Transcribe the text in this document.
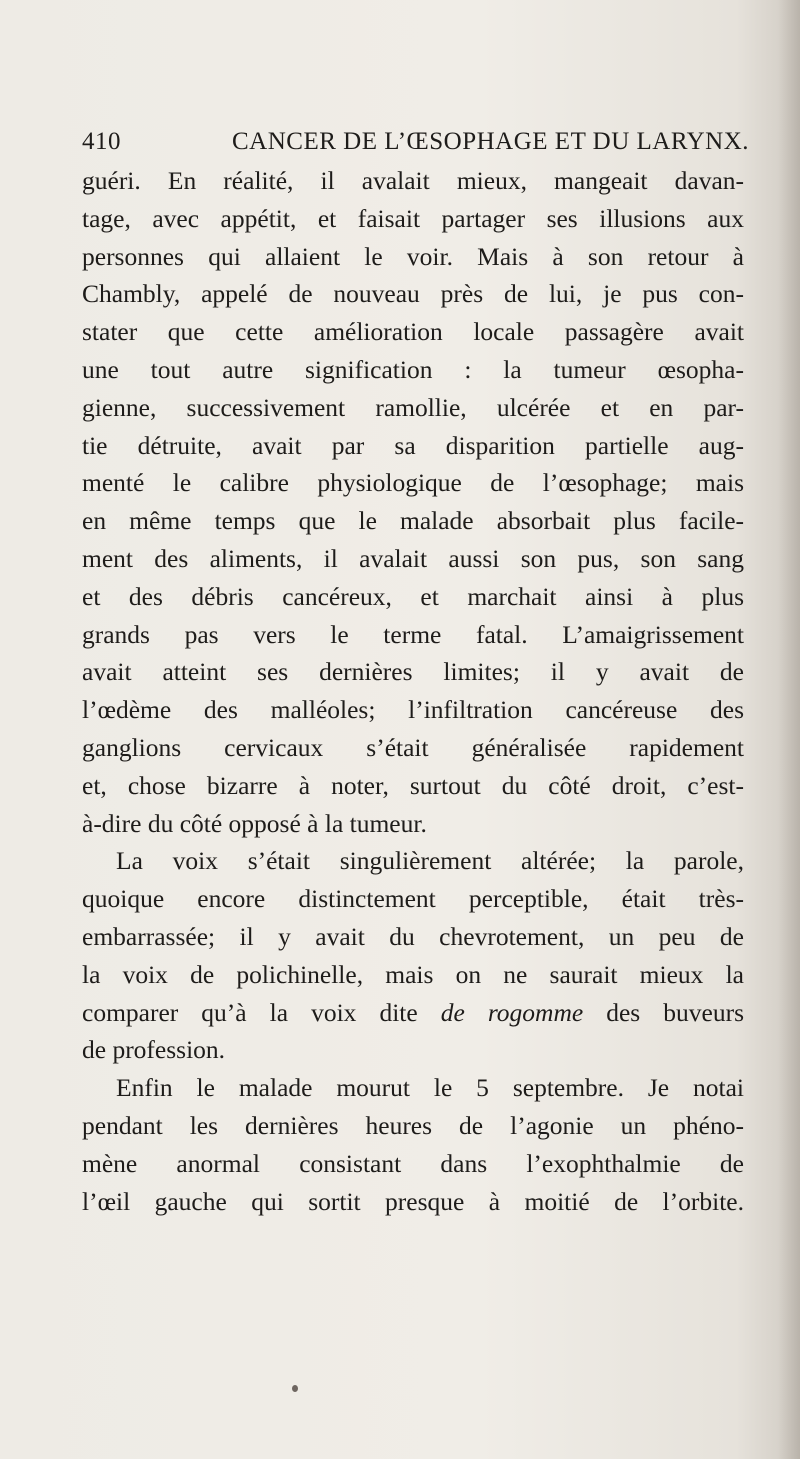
410	CANCER DE L’ŒSOPHAGE ET DU LARYNX.
guéri. En réalité, il avalait mieux, mangeait davan-
tage, avec appétit, et faisait partager ses illusions aux
personnes qui allaient le voir. Mais à son retour à
Chambly, appelé de nouveau près de lui, je pus con-
stater que cette amélioration locale passagère avait
une tout autre signification : la tumeur œsopha-
gienne, successivement ramollie, ulcérée et en par-
tie détruite, avait par sa disparition partielle aug-
menté le calibre physiologique de l’œsophage; mais
en même temps que le malade absorbait plus facile-
ment des aliments, il avalait aussi son pus, son sang
et des débris cancéreux, et marchait ainsi à plus
grands pas vers le terme fatal. L’amaigrissement
avait atteint ses dernières limites; il y avait de
l’œdème des malléoles; l’infiltration cancéreuse des
ganglions cervicaux s’était généralisée rapidement
et, chose bizarre à noter, surtout du côté droit, c’est-
à-dire du côté opposé à la tumeur.
La voix s’était singulièrement altérée; la parole,
quoique encore distinctement perceptible, était très-
embarrassée; il y avait du chevrotement, un peu de
la voix de polichinelle, mais on ne saurait mieux la
comparer qu’à la voix dite de rogomme des buveurs
de profession.
Enfin le malade mourut le 5 septembre. Je notai
pendant les dernières heures de l’agonie un phéno-
mène anormal consistant dans l’exophthalmie de
l’œil gauche qui sortit presque à moitié de l’orbite.
